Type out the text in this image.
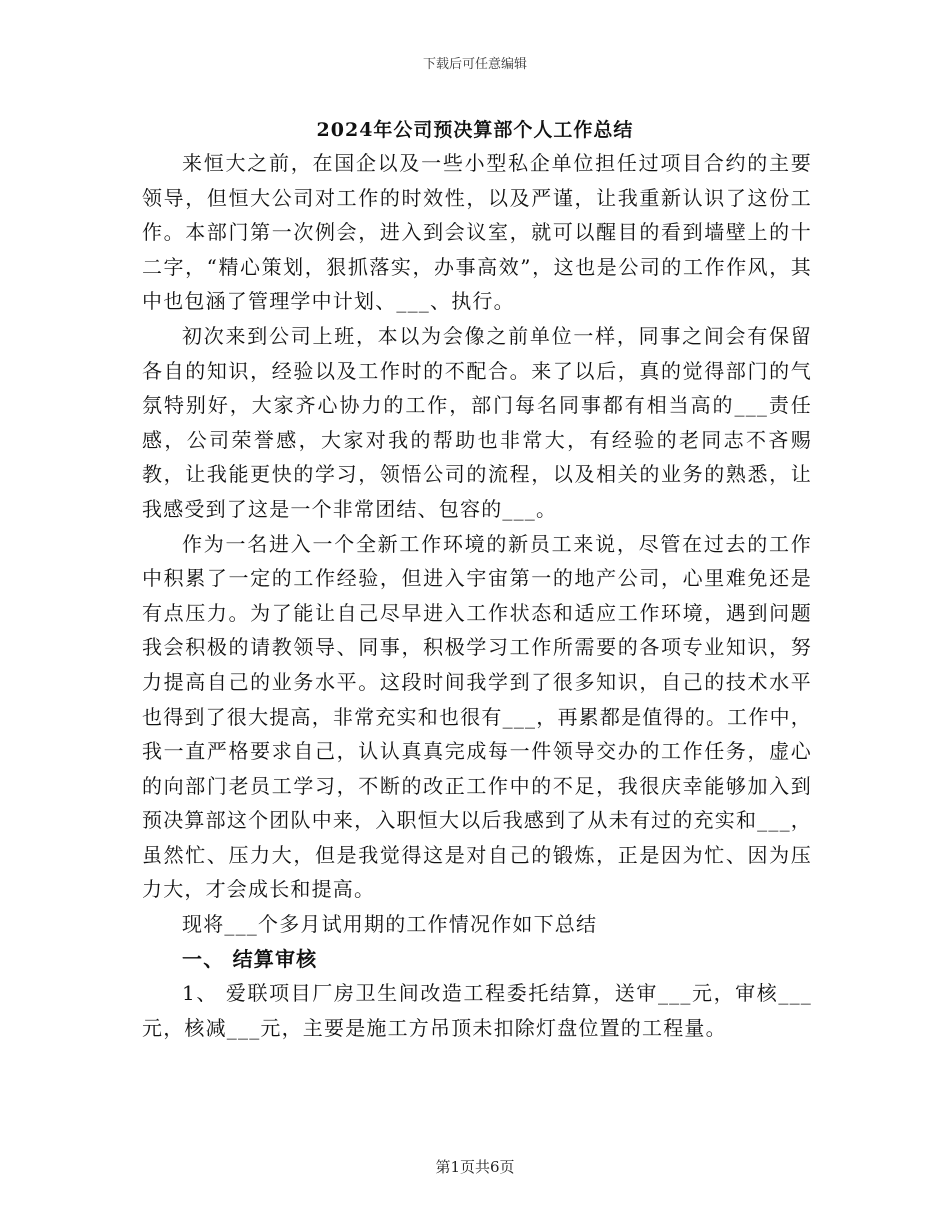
下载后可任意编辑
2024年公司预决算部个人工作总结

来恒大之前，在国企以及一些小型私企单位担任过项目合约的主要领导，但恒大公司对工作的时效性，以及严谨，让我重新认识了这份工作。本部门第一次例会，进入到会议室，就可以醒目的看到墙壁上的十二字，“精心策划，狠抓落实，办事高效”，这也是公司的工作作风，其中也包涵了管理学中计划、___、执行。

初次来到公司上班，本以为会像之前单位一样，同事之间会有保留各自的知识，经验以及工作时的不配合。来了以后，真的觉得部门的气氛特别好，大家齐心协力的工作，部门每名同事都有相当高的___责任感，公司荣誉感，大家对我的帮助也非常大，有经验的老同志不吝赐教，让我能更快的学习，领悟公司的流程，以及相关的业务的熟悉，让我感受到了这是一个非常团结、包容的___。

作为一名进入一个全新工作环境的新员工来说，尽管在过去的工作中积累了一定的工作经验，但进入宇宙第一的地产公司，心里难免还是有点压力。为了能让自己尽早进入工作状态和适应工作环境，遇到问题我会积极的请教领导、同事，积极学习工作所需要的各项专业知识，努力提高自己的业务水平。这段时间我学到了很多知识，自己的技术水平也得到了很大提高，非常充实和也很有___，再累都是值得的。工作中，我一直严格要求自己，认认真真完成每一件领导交办的工作任务，虚心的向部门老员工学习，不断的改正工作中的不足，我很庆幸能够加入到预决算部这个团队中来，入职恒大以后我感到了从未有过的充实和___，虽然忙、压力大，但是我觉得这是对自己的锻炼，正是因为忙、因为压力大，才会成长和提高。

现将___个多月试用期的工作情况作如下总结

一、 结算审核

1、 爱联项目厂房卫生间改造工程委托结算，送审___元，审核___元，核减___元，主要是施工方吊顶未扣除灯盘位置的工程量。

第1页共6页
